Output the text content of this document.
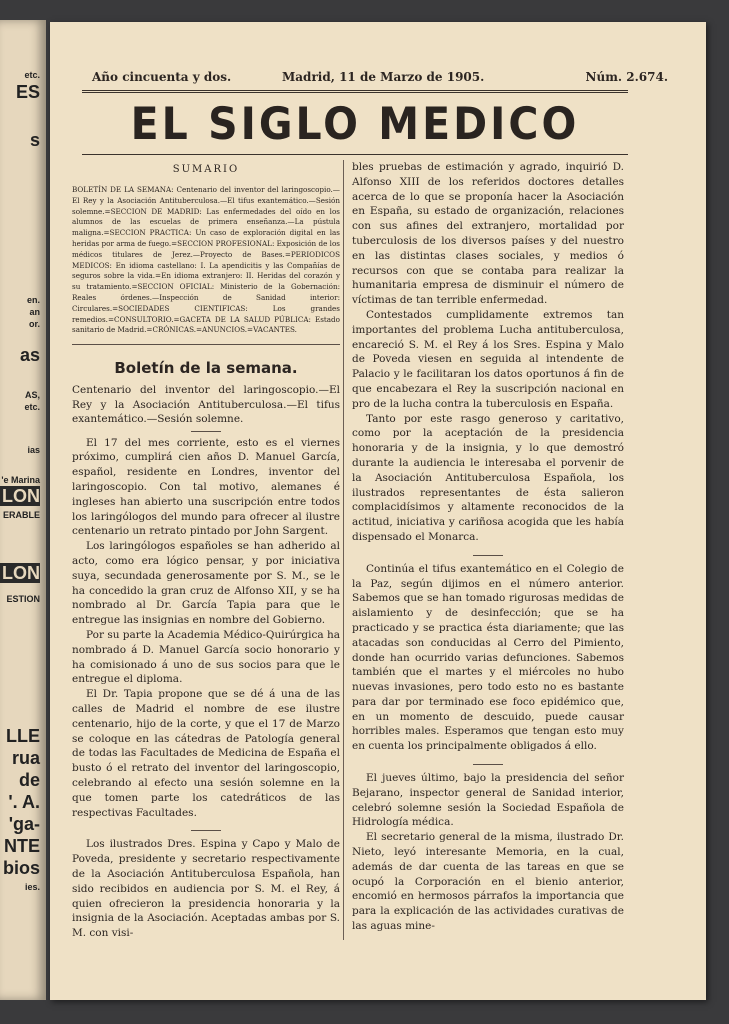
etc.
ES
s
en.
an
or.
as
AS,
etc.
ias
'e Marina
LON
ERABLE
LON
ESTION
LLE
rua
de
'. A.
'ga-
NTE
bios
ies.
Año cincuenta y dos.	Madrid, 11 de Marzo de 1905.	Núm. 2.674.
EL SIGLO MEDICO
SUMARIO
BOLETÍN DE LA SEMANA: Centenario del inventor del laringoscopio.—El Rey y la Asociación Antituberculosa.—El tifus exantemático.—Sesión solemne.=SECCION DE MADRID: Las enfermedades del oído en los alumnos de las escuelas de primera enseñanza.—La pústula maligna.=SECCION PRACTICA: Un caso de exploración digital en las heridas por arma de fuego.=SECCION PROFESIONAL: Exposición de los médicos titulares de Jerez.—Proyecto de Bases.=PERIODICOS MEDICOS: En idioma castellano: I. La apendicitis y las Compañías de seguros sobre la vida.=En idioma extranjero: II. Heridas del corazón y su tratamiento.=SECCION OFICIAL: Ministerio de la Gobernación: Reales órdenes.—Inspección de Sanidad interior: Circulares.=SOCIEDADES CIENTIFICAS: Los grandes remedios.=CONSULTORIO.=GACETA DE LA SALUD PÚBLICA: Estado sanitario de Madrid.=CRÓNICAS.=ANUNCIOS.=VACANTES.
Boletín de la semana.

Centenario del inventor del laringoscopio.—El Rey y la Asociación Antituberculosa.—El tifus exantemático.—Sesión solemne.

El 17 del mes corriente, esto es el viernes próximo, cumplirá cien años D. Manuel García, español, residente en Londres, inventor del laringoscopio. Con tal motivo, alemanes é ingleses han abierto una suscripción entre todos los laringólogos del mundo para ofrecer al ilustre centenario un retrato pintado por John Sargent.

Los laringólogos españoles se han adherido al acto, como era lógico pensar, y por iniciativa suya, secundada generosamente por S. M., se le ha concedido la gran cruz de Alfonso XII, y se ha nombrado al Dr. García Tapia para que le entregue las insignias en nombre del Gobierno.

Por su parte la Academia Médico-Quirúrgica ha nombrado á D. Manuel García socio honorario y ha comisionado á uno de sus socios para que le entregue el diploma.

El Dr. Tapia propone que se dé á una de las calles de Madrid el nombre de ese ilustre centenario, hijo de la corte, y que el 17 de Marzo se coloque en las cátedras de Patología general de todas las Facultades de Medicina de España el busto ó el retrato del inventor del laringoscopio, celebrando al efecto una sesión solemne en la que tomen parte los catedráticos de las respectivas Facultades.

Los ilustrados Dres. Espina y Capo y Malo de Poveda, presidente y secretario respectivamente de la Asociación Antituberculosa Española, han sido recibidos en audiencia por S. M. el Rey, á quien ofrecieron la presidencia honoraria y la insignia de la Asociación. Aceptadas ambas por S. M. con visi-

bles pruebas de estimación y agrado, inquirió D. Alfonso XIII de los referidos doctores detalles acerca de lo que se proponía hacer la Asociación en España, su estado de organización, relaciones con sus afines del extranjero, mortalidad por tuberculosis de los diversos países y del nuestro en las distintas clases sociales, y medios ó recursos con que se contaba para realizar la humanitaria empresa de disminuir el número de víctimas de tan terrible enfermedad.

Contestados cumplidamente extremos tan importantes del problema Lucha antituberculosa, encareció S. M. el Rey á los Sres. Espina y Malo de Poveda viesen en seguida al intendente de Palacio y le facilitaran los datos oportunos á fin de que encabezara el Rey la suscripción nacional en pro de la lucha contra la tuberculosis en España.

Tanto por este rasgo generoso y caritativo, como por la aceptación de la presidencia honoraria y de la insignia, y lo que demostró durante la audiencia le interesaba el porvenir de la Asociación Antituberculosa Española, los ilustrados representantes de ésta salieron complacidísimos y altamente reconocidos de la actitud, iniciativa y cariñosa acogida que les había dispensado el Monarca.

Continúa el tifus exantemático en el Colegio de la Paz, según dijimos en el número anterior. Sabemos que se han tomado rigurosas medidas de aislamiento y de desinfección; que se ha practicado y se practica ésta diariamente; que las atacadas son conducidas al Cerro del Pimiento, donde han ocurrido varias defunciones. Sabemos también que el martes y el miércoles no hubo nuevas invasiones, pero todo esto no es bastante para dar por terminado ese foco epidémico que, en un momento de descuido, puede causar horribles males. Esperamos que tengan esto muy en cuenta los principalmente obligados á ello.

El jueves último, bajo la presidencia del señor Bejarano, inspector general de Sanidad interior, celebró solemne sesión la Sociedad Española de Hidrología médica.

El secretario general de la misma, ilustrado Dr. Nieto, leyó interesante Memoria, en la cual, además de dar cuenta de las tareas en que se ocupó la Corporación en el bienio anterior, encomió en hermosos párrafos la importancia que para la explicación de las actividades curativas de las aguas mine-
